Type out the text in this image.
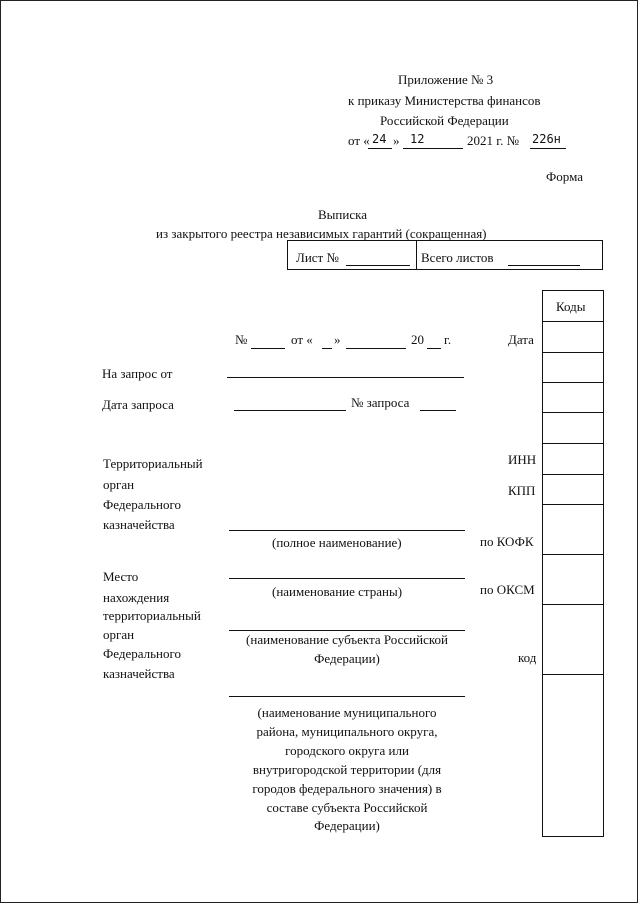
Приложение № 3
к приказу Министерства финансов
Российской Федерации
от « 24 » 12	2021 г. № 226н
Форма
Выписка
из закрытого реестра независимых гарантий (сокращенная)
Лист №	Всего листов
Коды
№	от « »	20 г.	Дата
На запрос от
Дата запроса	№ запроса
Территориальный
орган
Федерального
казначейства
ИНН
КПП
(полное наименование)	по КОФК
Место
нахождения
территориальный
орган
Федерального
казначейства
(наименование страны)	по ОКСМ
(наименование субъекта Российской
Федерации)	код
(наименование муниципального
района, муниципального округа,
городского округа или
внутригородской территории (для
городов федерального значения) в
составе субъекта Российской
Федерации)
